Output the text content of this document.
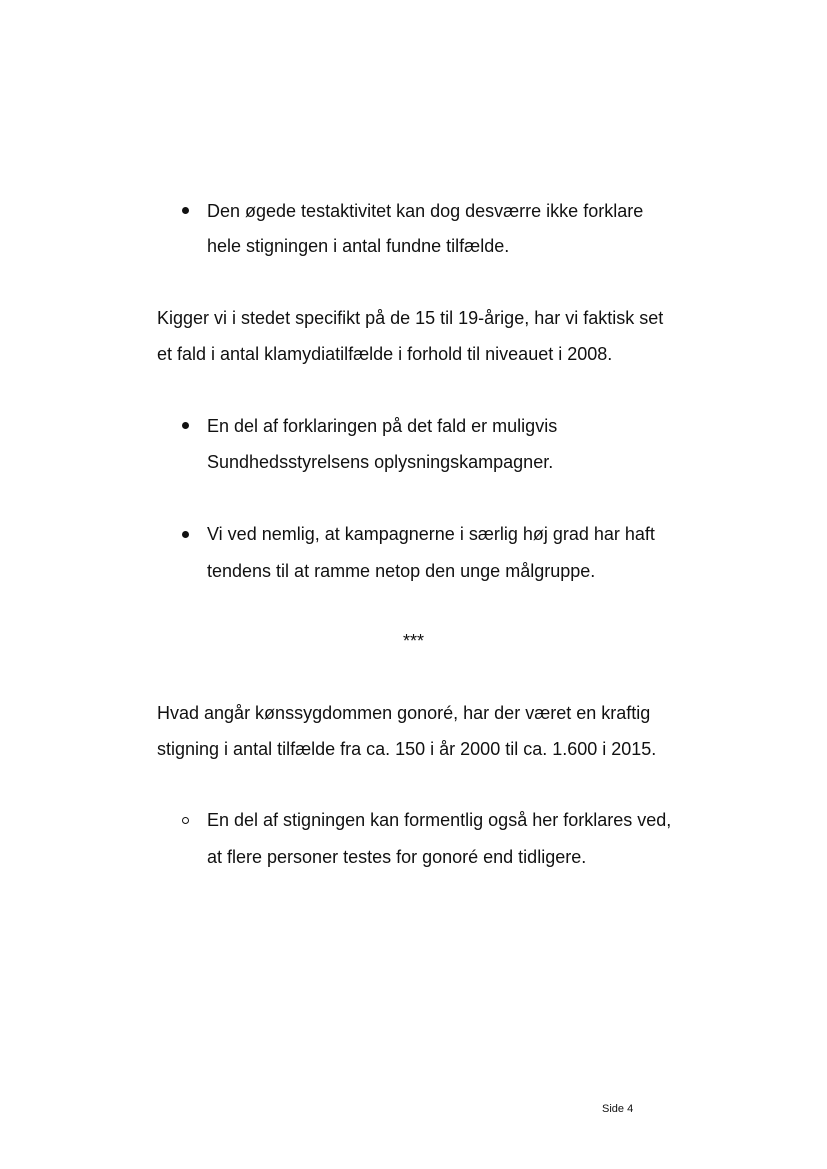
Den øgede testaktivitet kan dog desværre ikke forklare
hele stigningen i antal fundne tilfælde.
Kigger vi i stedet specifikt på de 15 til 19-årige, har vi faktisk set
et fald i antal klamydiatilfælde i forhold til niveauet i 2008.
En del af forklaringen på det fald er muligvis
Sundhedsstyrelsens oplysningskampagner.
Vi ved nemlig, at kampagnerne i særlig høj grad har haft
tendens til at ramme netop den unge målgruppe.
***
Hvad angår kønssygdommen gonoré, har der været en kraftig
stigning i antal tilfælde fra ca. 150 i år 2000 til ca. 1.600 i 2015.
En del af stigningen kan formentlig også her forklares ved,
at flere personer testes for gonoré end tidligere.
Side 4
